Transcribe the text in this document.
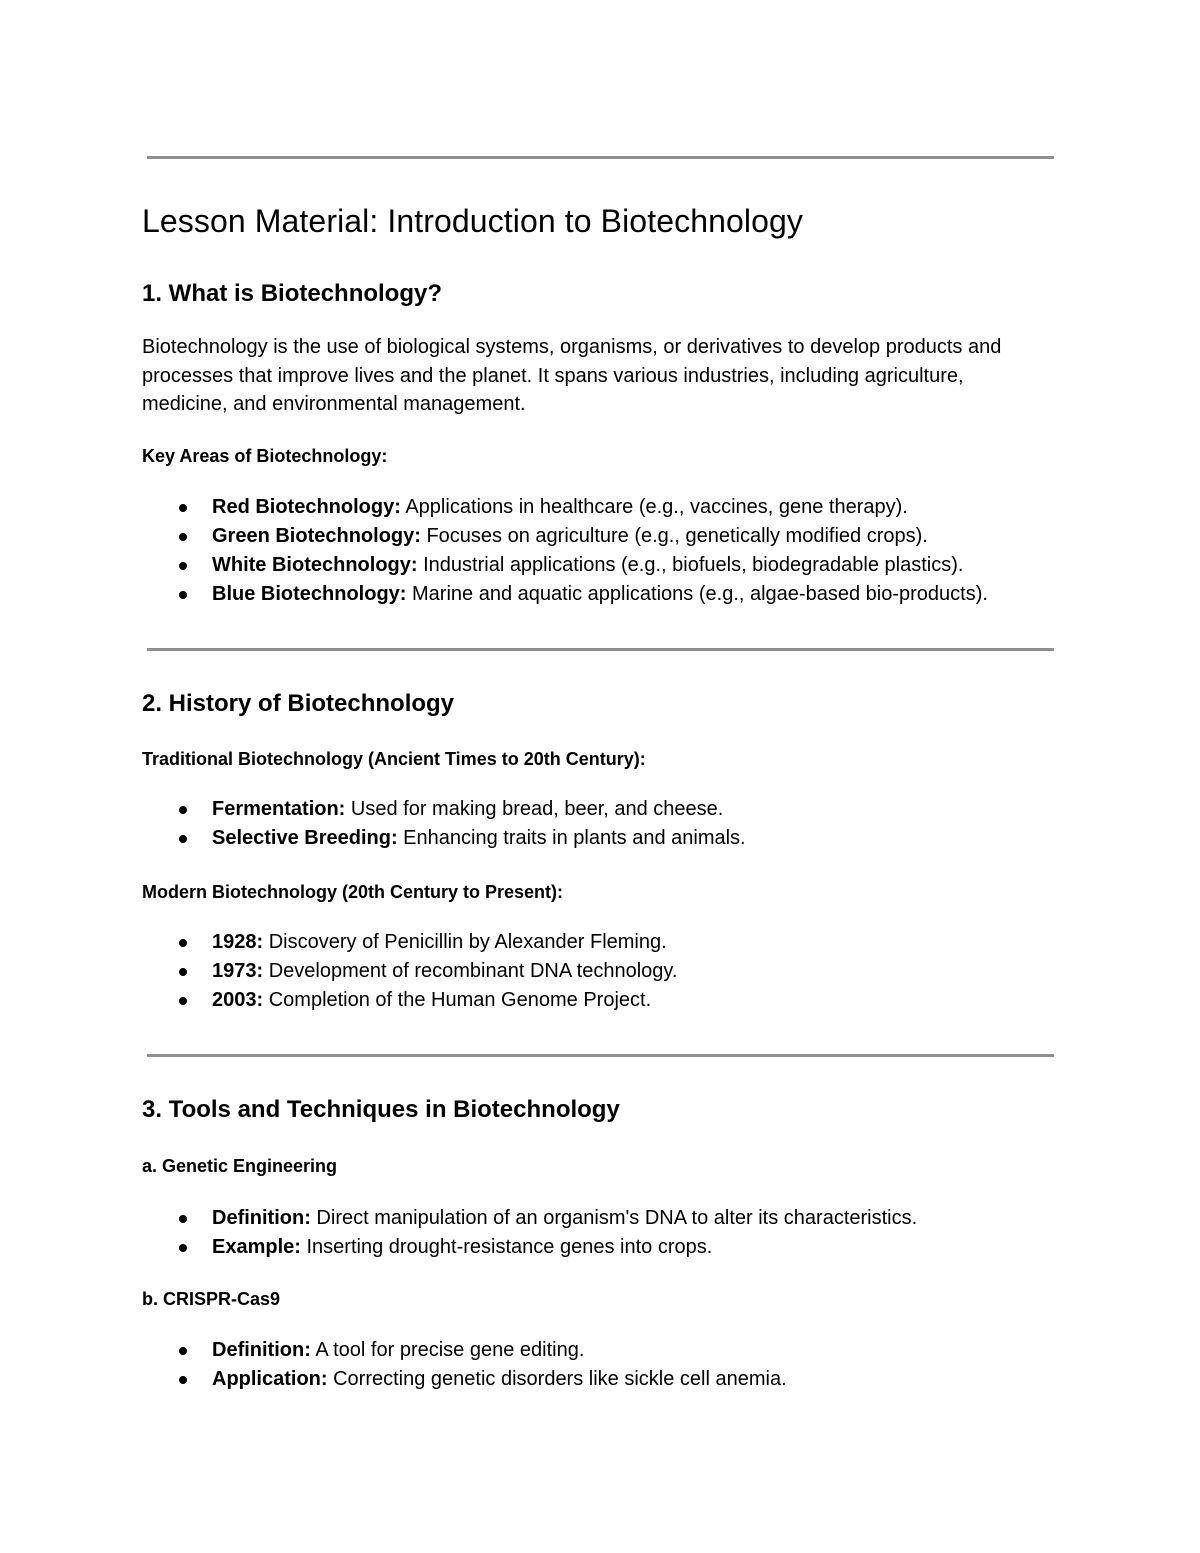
Lesson Material: Introduction to Biotechnology
1. What is Biotechnology?
Biotechnology is the use of biological systems, organisms, or derivatives to develop products and processes that improve lives and the planet. It spans various industries, including agriculture, medicine, and environmental management.
Key Areas of Biotechnology:
Red Biotechnology: Applications in healthcare (e.g., vaccines, gene therapy).
Green Biotechnology: Focuses on agriculture (e.g., genetically modified crops).
White Biotechnology: Industrial applications (e.g., biofuels, biodegradable plastics).
Blue Biotechnology: Marine and aquatic applications (e.g., algae-based bio-products).
2. History of Biotechnology
Traditional Biotechnology (Ancient Times to 20th Century):
Fermentation: Used for making bread, beer, and cheese.
Selective Breeding: Enhancing traits in plants and animals.
Modern Biotechnology (20th Century to Present):
1928: Discovery of Penicillin by Alexander Fleming.
1973: Development of recombinant DNA technology.
2003: Completion of the Human Genome Project.
3. Tools and Techniques in Biotechnology
a. Genetic Engineering
Definition: Direct manipulation of an organism's DNA to alter its characteristics.
Example: Inserting drought-resistance genes into crops.
b. CRISPR-Cas9
Definition: A tool for precise gene editing.
Application: Correcting genetic disorders like sickle cell anemia.
